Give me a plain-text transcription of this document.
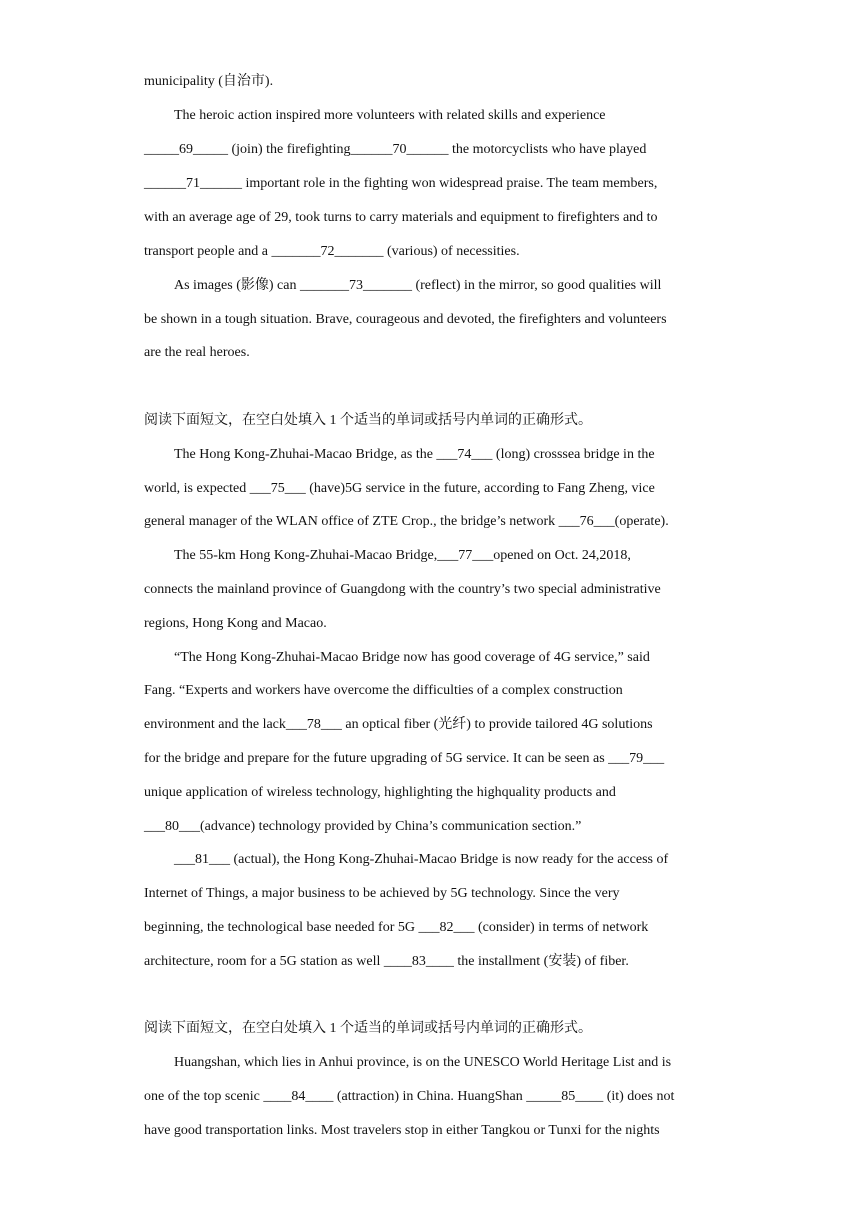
municipality (自治市).
The heroic action inspired more volunteers with related skills and experience
_____69_____ (join) the firefighting______70______ the motorcyclists who have played
______71______ important role in the fighting won widespread praise. The team members,
with an average age of 29, took turns to carry materials and equipment to firefighters and to
transport people and a _______72_______ (various) of necessities.
As images (影像) can _______73_______ (reflect) in the mirror, so good qualities will
be shown in a tough situation. Brave, courageous and devoted, the firefighters and volunteers
are the real heroes.
阅读下面短文，在空白处填入 1 个适当的单词或括号内单词的正确形式。
The Hong Kong-Zhuhai-Macao Bridge, as the ___74___ (long) crosssea bridge in the
world, is expected ___75___ (have)5G service in the future, according to Fang Zheng, vice
general manager of the WLAN office of ZTE Crop., the bridge’s network ___76___(operate).
The 55-km Hong Kong-Zhuhai-Macao Bridge,___77___opened on Oct. 24,2018,
connects the mainland province of Guangdong with the country’s two special administrative
regions, Hong Kong and Macao.
“The Hong Kong-Zhuhai-Macao Bridge now has good coverage of 4G service,” said
Fang. “Experts and workers have overcome the difficulties of a complex construction
environment and the lack___78___ an optical fiber (光纤) to provide tailored 4G solutions
for the bridge and prepare for the future upgrading of 5G service. It can be seen as ___79___
unique application of wireless technology, highlighting the highquality products and
___80___(advance) technology provided by China’s communication section.”
___81___ (actual), the Hong Kong-Zhuhai-Macao Bridge is now ready for the access of
Internet of Things, a major business to be achieved by 5G technology. Since the very
beginning, the technological base needed for 5G ___82___ (consider) in terms of network
architecture, room for a 5G station as well ____83____ the installment (安装) of fiber.
阅读下面短文，在空白处填入 1 个适当的单词或括号内单词的正确形式。
Huangshan, which lies in Anhui province, is on the UNESCO World Heritage List and is
one of the top scenic ____84____ (attraction) in China. HuangShan _____85____ (it) does not
have good transportation links. Most travelers stop in either Tangkou or Tunxi for the nights
